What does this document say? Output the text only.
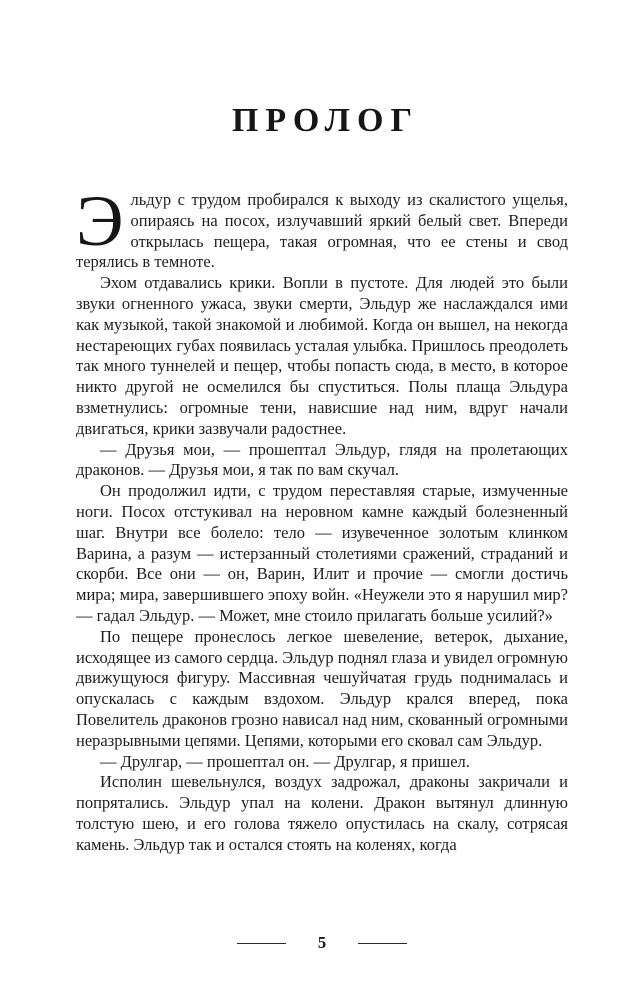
ПРОЛОГ

Эльдур с трудом пробирался к выходу из скалистого ущелья, опираясь на посох, излучавший яркий белый свет. Впереди открылась пещера, такая огромная, что ее стены и свод терялись в темноте.

Эхом отдавались крики. Вопли в пустоте. Для людей это были звуки огненного ужаса, звуки смерти, Эльдур же наслаждался ими как музыкой, такой знакомой и любимой. Когда он вышел, на некогда нестареющих губах появилась усталая улыбка. Пришлось преодолеть так много туннелей и пещер, чтобы попасть сюда, в место, в которое никто другой не осмелился бы спуститься. Полы плаща Эльдура взметнулись: огромные тени, нависшие над ним, вдруг начали двигаться, крики зазвучали радостнее.

— Друзья мои, — прошептал Эльдур, глядя на пролетающих драконов. — Друзья мои, я так по вам скучал.

Он продолжил идти, с трудом переставляя старые, измученные ноги. Посох отстукивал на неровном камне каждый болезненный шаг. Внутри все болело: тело — изувеченное золотым клинком Варина, а разум — истерзанный столетиями сражений, страданий и скорби. Все они — он, Варин, Илит и прочие — смогли достичь мира; мира, завершившего эпоху войн. «Неужели это я нарушил мир? — гадал Эльдур. — Может, мне стоило прилагать больше усилий?»

По пещере пронеслось легкое шевеление, ветерок, дыхание, исходящее из самого сердца. Эльдур поднял глаза и увидел огромную движущуюся фигуру. Массивная чешуйчатая грудь поднималась и опускалась с каждым вздохом. Эльдур крался вперед, пока Повелитель драконов грозно нависал над ним, скованный огромными неразрывными цепями. Цепями, которыми его сковал сам Эльдур.

— Друлгар, — прошептал он. — Друлгар, я пришел.

Исполин шевельнулся, воздух задрожал, драконы закричали и попрятались. Эльдур упал на колени. Дракон вытянул длинную толстую шею, и его голова тяжело опустилась на скалу, сотрясая камень. Эльдур так и остался стоять на коленях, когда

5
